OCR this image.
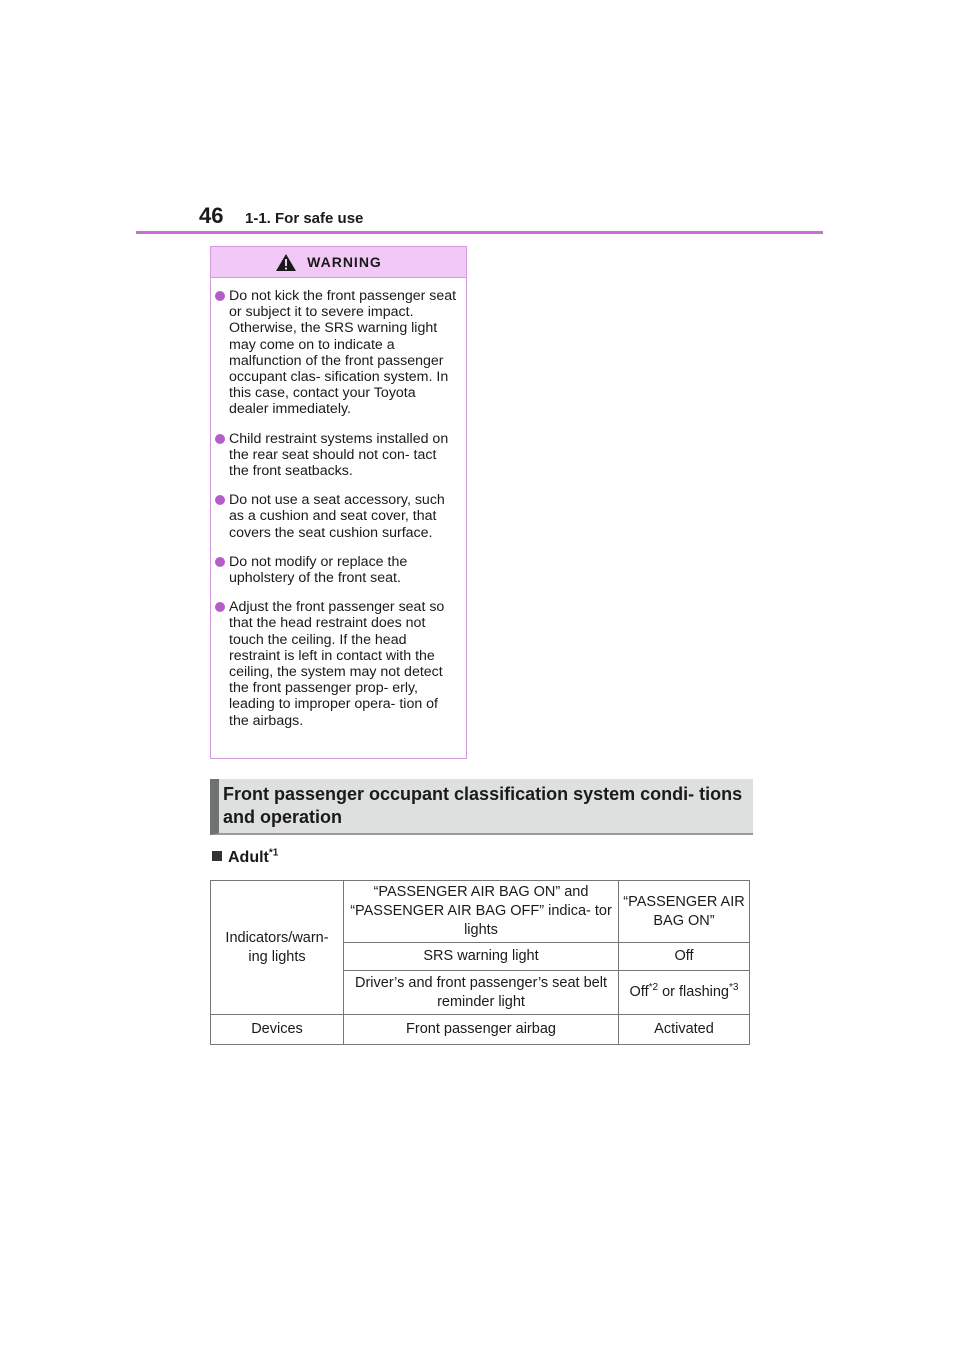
46 1-1. For safe use
WARNING
Do not kick the front passenger seat or subject it to severe impact. Otherwise, the SRS warning light may come on to indicate a malfunction of the front passenger occupant clas- sification system. In this case, contact your Toyota dealer immediately.
Child restraint systems installed on the rear seat should not con- tact the front seatbacks.
Do not use a seat accessory, such as a cushion and seat cover, that covers the seat cushion surface.
Do not modify or replace the upholstery of the front seat.
Adjust the front passenger seat so that the head restraint does not touch the ceiling. If the head restraint is left in contact with the ceiling, the system may not detect the front passenger prop- erly, leading to improper opera- tion of the airbags.
Front passenger occupant classification system condi- tions and operation
Adult$^{*1}$
Indicators/warn- ing lights	“PASSENGER AIR BAG ON” and “PASSENGER AIR BAG OFF” indica- tor lights	“PASSENGER AIR BAG ON”
	SRS warning light	Off
	Driver’s and front passenger’s seat belt reminder light	Off$^{*2}$ or flashing$^{*3}$
Devices	Front passenger airbag	Activated
